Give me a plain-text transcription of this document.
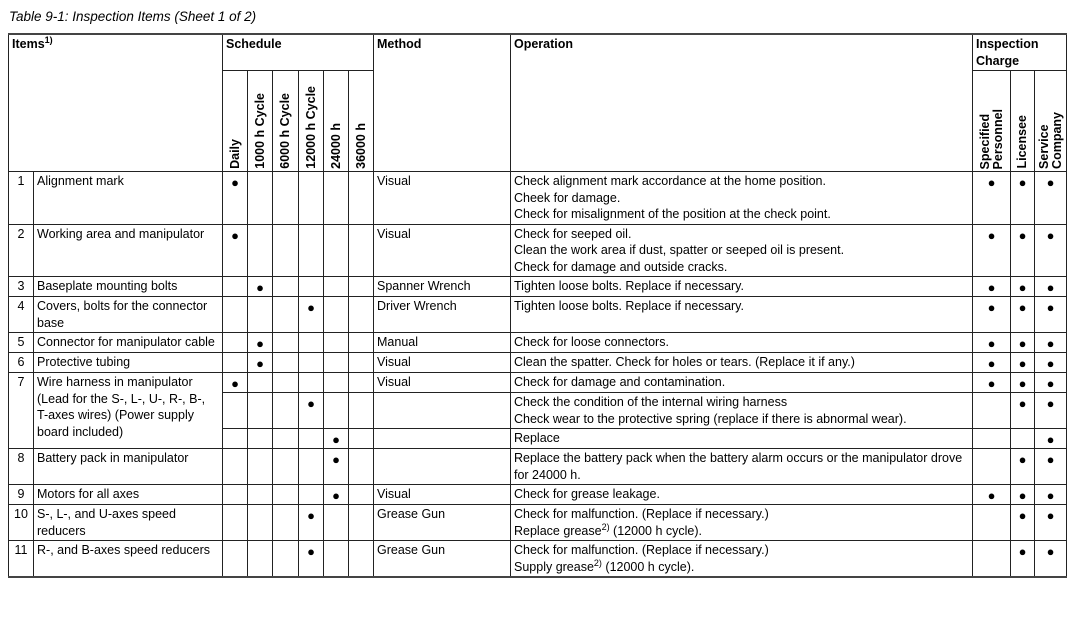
Table 9-1: Inspection Items (Sheet 1 of 2)
Items$^{1)}$		Schedule						Method	Operation	Inspection Charge		

		Daily	1000 h Cycle	6000 h Cycle	12000 h Cycle	24000 h	36000 h			Specified Personnel	Licensee	Service Company

1	Alignment mark	●						Visual	Check alignment mark accordance at the home position.
Cheek for damage.
Check for misalignment of the position at the check point.	●	●	●
2	Working area and manipulator	●						Visual	Check for seeped oil.
Clean the work area if dust, spatter or seeped oil is present.
Check for damage and outside cracks.	●	●	●
3	Baseplate mounting bolts		●					Spanner Wrench	Tighten loose bolts. Replace if necessary.	●	●	●
4	Covers, bolts for the connector base				●			Driver Wrench	Tighten loose bolts. Replace if necessary.	●	●	●
5	Connector for manipulator cable		●					Manual	Check for loose connectors.	●	●	●
6	Protective tubing		●					Visual	Clean the spatter. Check for holes or tears. (Replace it if any.)	●	●	●
7	Wire harness in manipulator (Lead for the S-, L-, U-, R-, B-, T-axes wires) (Power supply board included)	●						Visual	Check for damage and contamination.	●	●	●
					●				Check the condition of the internal wiring harness
Check wear to the protective spring (replace if there is abnormal wear).		●	●
						●			Replace			●
8	Battery pack in manipulator					●			Replace the battery pack when the battery alarm occurs or the manipulator drove for 24000 h.		●	●
9	Motors for all axes					●		Visual	Check for grease leakage.	●	●	●
10	S-, L-, and U-axes speed reducers				●			Grease Gun	Check for malfunction. (Replace if necessary.)
Replace grease$^{2)}$ (12000 h cycle).		●	●
11	R-, and B-axes speed reducers				●			Grease Gun	Check for malfunction. (Replace if necessary.)
Supply grease$^{2)}$ (12000 h cycle).		●	●
